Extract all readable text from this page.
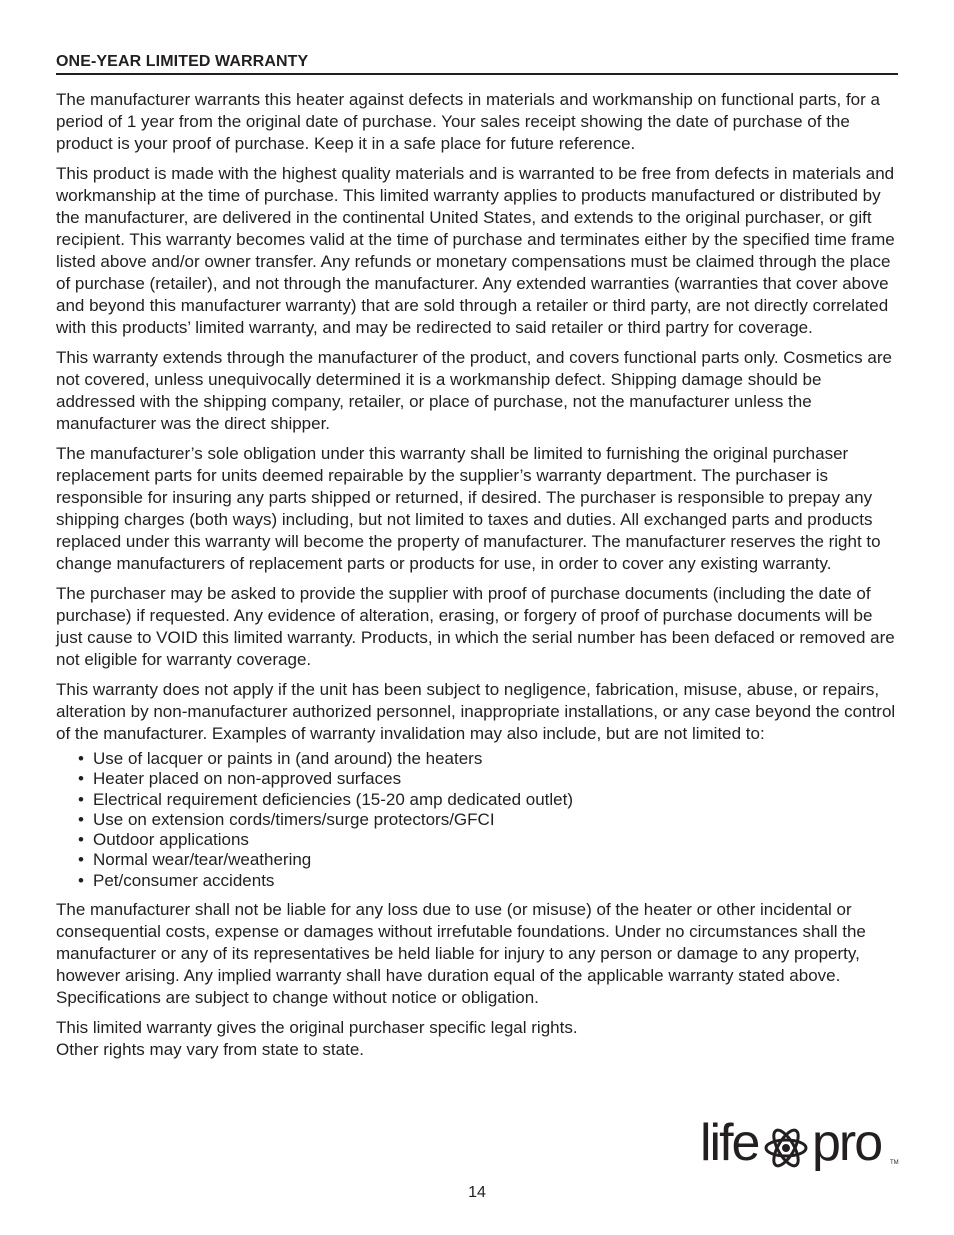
ONE-YEAR LIMITED WARRANTY

The manufacturer warrants this heater against defects in materials and workmanship on functional parts, for a period of 1 year from the original date of purchase. Your sales receipt showing the date of purchase of the product is your proof of purchase. Keep it in a safe place for future reference.

This product is made with the highest quality materials and is warranted to be free from defects in materials and workmanship at the time of purchase. This limited warranty applies to products manufactured or distributed by the manufacturer, are delivered in the continental United States, and extends to the original purchaser, or gift recipient. This warranty becomes valid at the time of purchase and terminates either by the specified time frame listed above and/or owner transfer. Any refunds or monetary compensations must be claimed through the place of purchase (retailer), and not through the manufacturer. Any extended warranties (warranties that cover above and beyond this manufacturer warranty) that are sold through a retailer or third party, are not directly correlated with this products’ limited warranty, and may be redirected to said retailer or third partry for coverage.

This warranty extends through the manufacturer of the product, and covers functional parts only. Cosmetics are not covered, unless unequivocally determined it is a workmanship defect. Shipping damage should be addressed with the shipping company, retailer, or place of purchase, not the manufacturer unless the manufacturer was the direct shipper.

The manufacturer’s sole obligation under this warranty shall be limited to furnishing the original purchaser replacement parts for units deemed repairable by the supplier’s warranty department. The purchaser is responsible for insuring any parts shipped or returned, if desired. The purchaser is responsible to prepay any shipping charges (both ways) including, but not limited to taxes and duties. All exchanged parts and products replaced under this warranty will become the property of manufacturer. The manufacturer reserves the right to change manufacturers of replacement parts or products for use, in order to cover any existing warranty.

The purchaser may be asked to provide the supplier with proof of purchase documents (including the date of purchase) if requested. Any evidence of alteration, erasing, or forgery of proof of purchase documents will be just cause to VOID this limited warranty. Products, in which the serial number has been defaced or removed are not eligible for warranty coverage.

This warranty does not apply if the unit has been subject to negligence, fabrication, misuse, abuse, or repairs, alteration by non-manufacturer authorized personnel, inappropriate installations, or any case beyond the control of the manufacturer. Examples of warranty invalidation may also include, but are not limited to:

• Use of lacquer or paints in (and around) the heaters
• Heater placed on non-approved surfaces
• Electrical requirement deficiencies (15-20 amp dedicated outlet)
• Use on extension cords/timers/surge protectors/GFCI
• Outdoor applications
• Normal wear/tear/weathering
• Pet/consumer accidents

The manufacturer shall not be liable for any loss due to use (or misuse) of the heater or other incidental or consequential costs, expense or damages without irrefutable foundations. Under no circumstances shall the manufacturer or any of its representatives be held liable for injury to any person or damage to any property, however arising. Any implied warranty shall have duration equal of the applicable warranty stated above. Specifications are subject to change without notice or obligation.

This limited warranty gives the original purchaser specific legal rights.
Other rights may vary from state to state.
life pro TM
14
